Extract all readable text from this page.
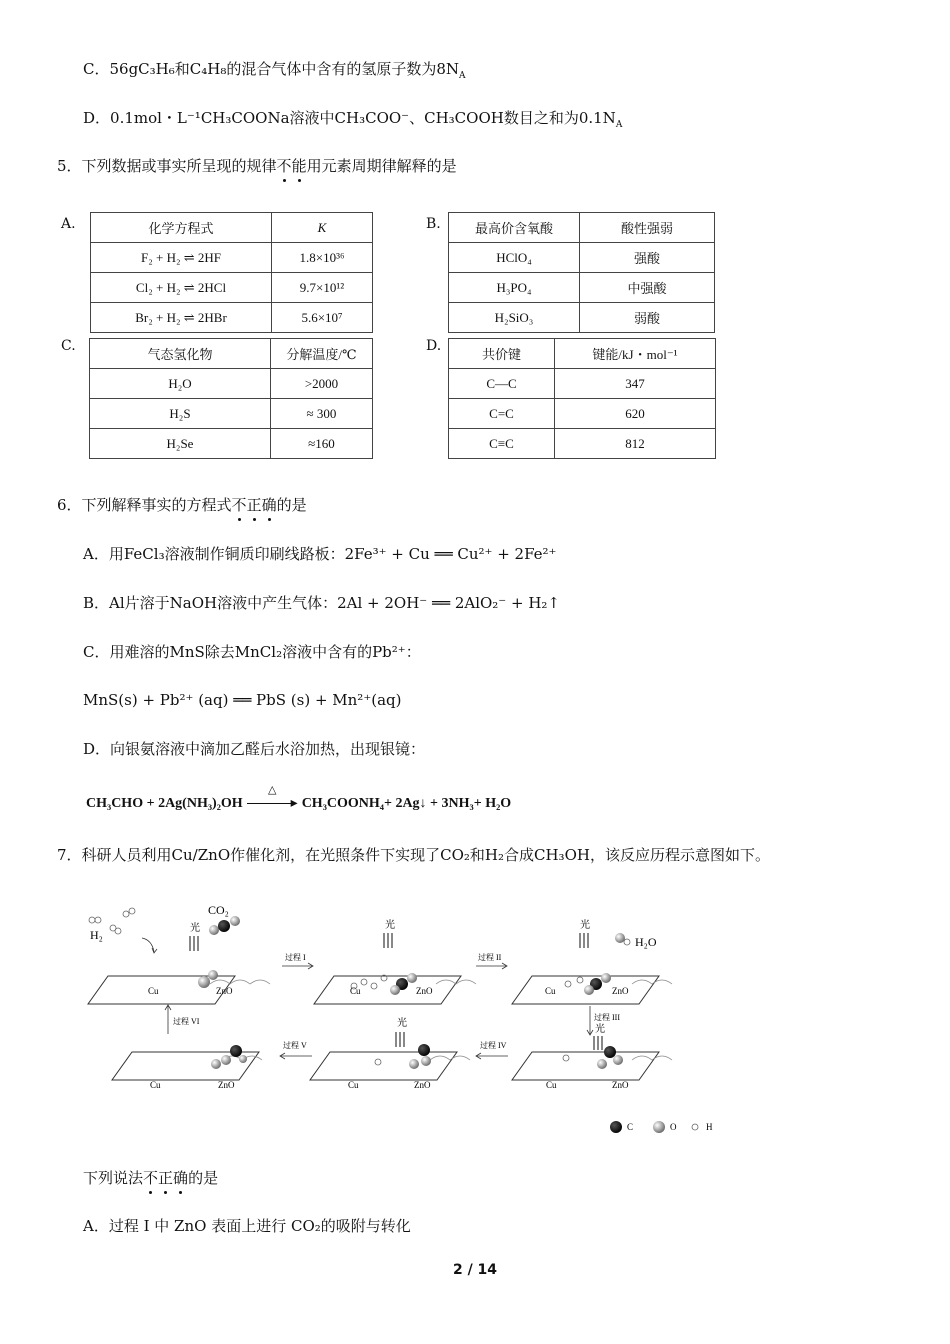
C．56gC₃H₆和C₄H₈的混合气体中含有的氢原子数为$8N_A$
D．0.1mol・L⁻¹CH₃COONa溶液中CH₃COO⁻、CH₃COOH数目之和为$0.1N_A$
5．下列数据或事实所呈现的规律不能用元素周期律解释的是
A.	化学方程式	K
F₂ + H₂ ⇌ 2HF	1.8×10³⁶
Cl₂ + H₂ ⇌ 2HCl	9.7×10¹²
Br₂ + H₂ ⇌ 2HBr	5.6×10⁷
B.	最高价含氧酸	酸性强弱
HClO₄	强酸
H₃PO₄	中强酸
H₂SiO₃	弱酸
C.
气态氢化物	分解温度/℃
H₂O	>2000
H₂S	≈ 300
H₂Se	≈160
D.
共价键	键能/kJ・mol⁻¹
C—C	347
C=C	620
C≡C	812
6．下列解释事实的方程式不正确的是
A．用FeCl₃溶液制作铜质印刷线路板：2Fe³⁺ + Cu ══ Cu²⁺ + 2Fe²⁺
B．Al片溶于NaOH溶液中产生气体：2Al + 2OH⁻ ══ 2AlO₂⁻ + H₂↑
C．用难溶的MnS除去MnCl₂溶液中含有的Pb²⁺：
MnS(s) + Pb²⁺ (aq) ══ PbS (s) + Mn²⁺(aq)
D．向银氨溶液中滴加乙醛后水浴加热，出现银镜：
CH₃CHO + 2Ag(NH₃)₂OH
△
▸ CH₃COONH₄+ 2Ag↓ + 3NH₃+ H₂O
7．科研人员利用Cu/ZnO作催化剂，在光照条件下实现了CO₂和H₂合成CH₃OH，该反应历程示意图如下。
H₂
CO₂
光
Cu	ZnO
过程 I
光
Cu	ZnO
过程 II
H₂O
光
Cu	ZnO
过程 III
过程 VI
Cu	ZnO
过程 V
光
Cu	ZnO
过程 IV
光
Cu	ZnO
C	O	H
下列说法不正确的是
A．过程 I 中 ZnO 表面上进行 CO₂的吸附与转化
2 / 14
